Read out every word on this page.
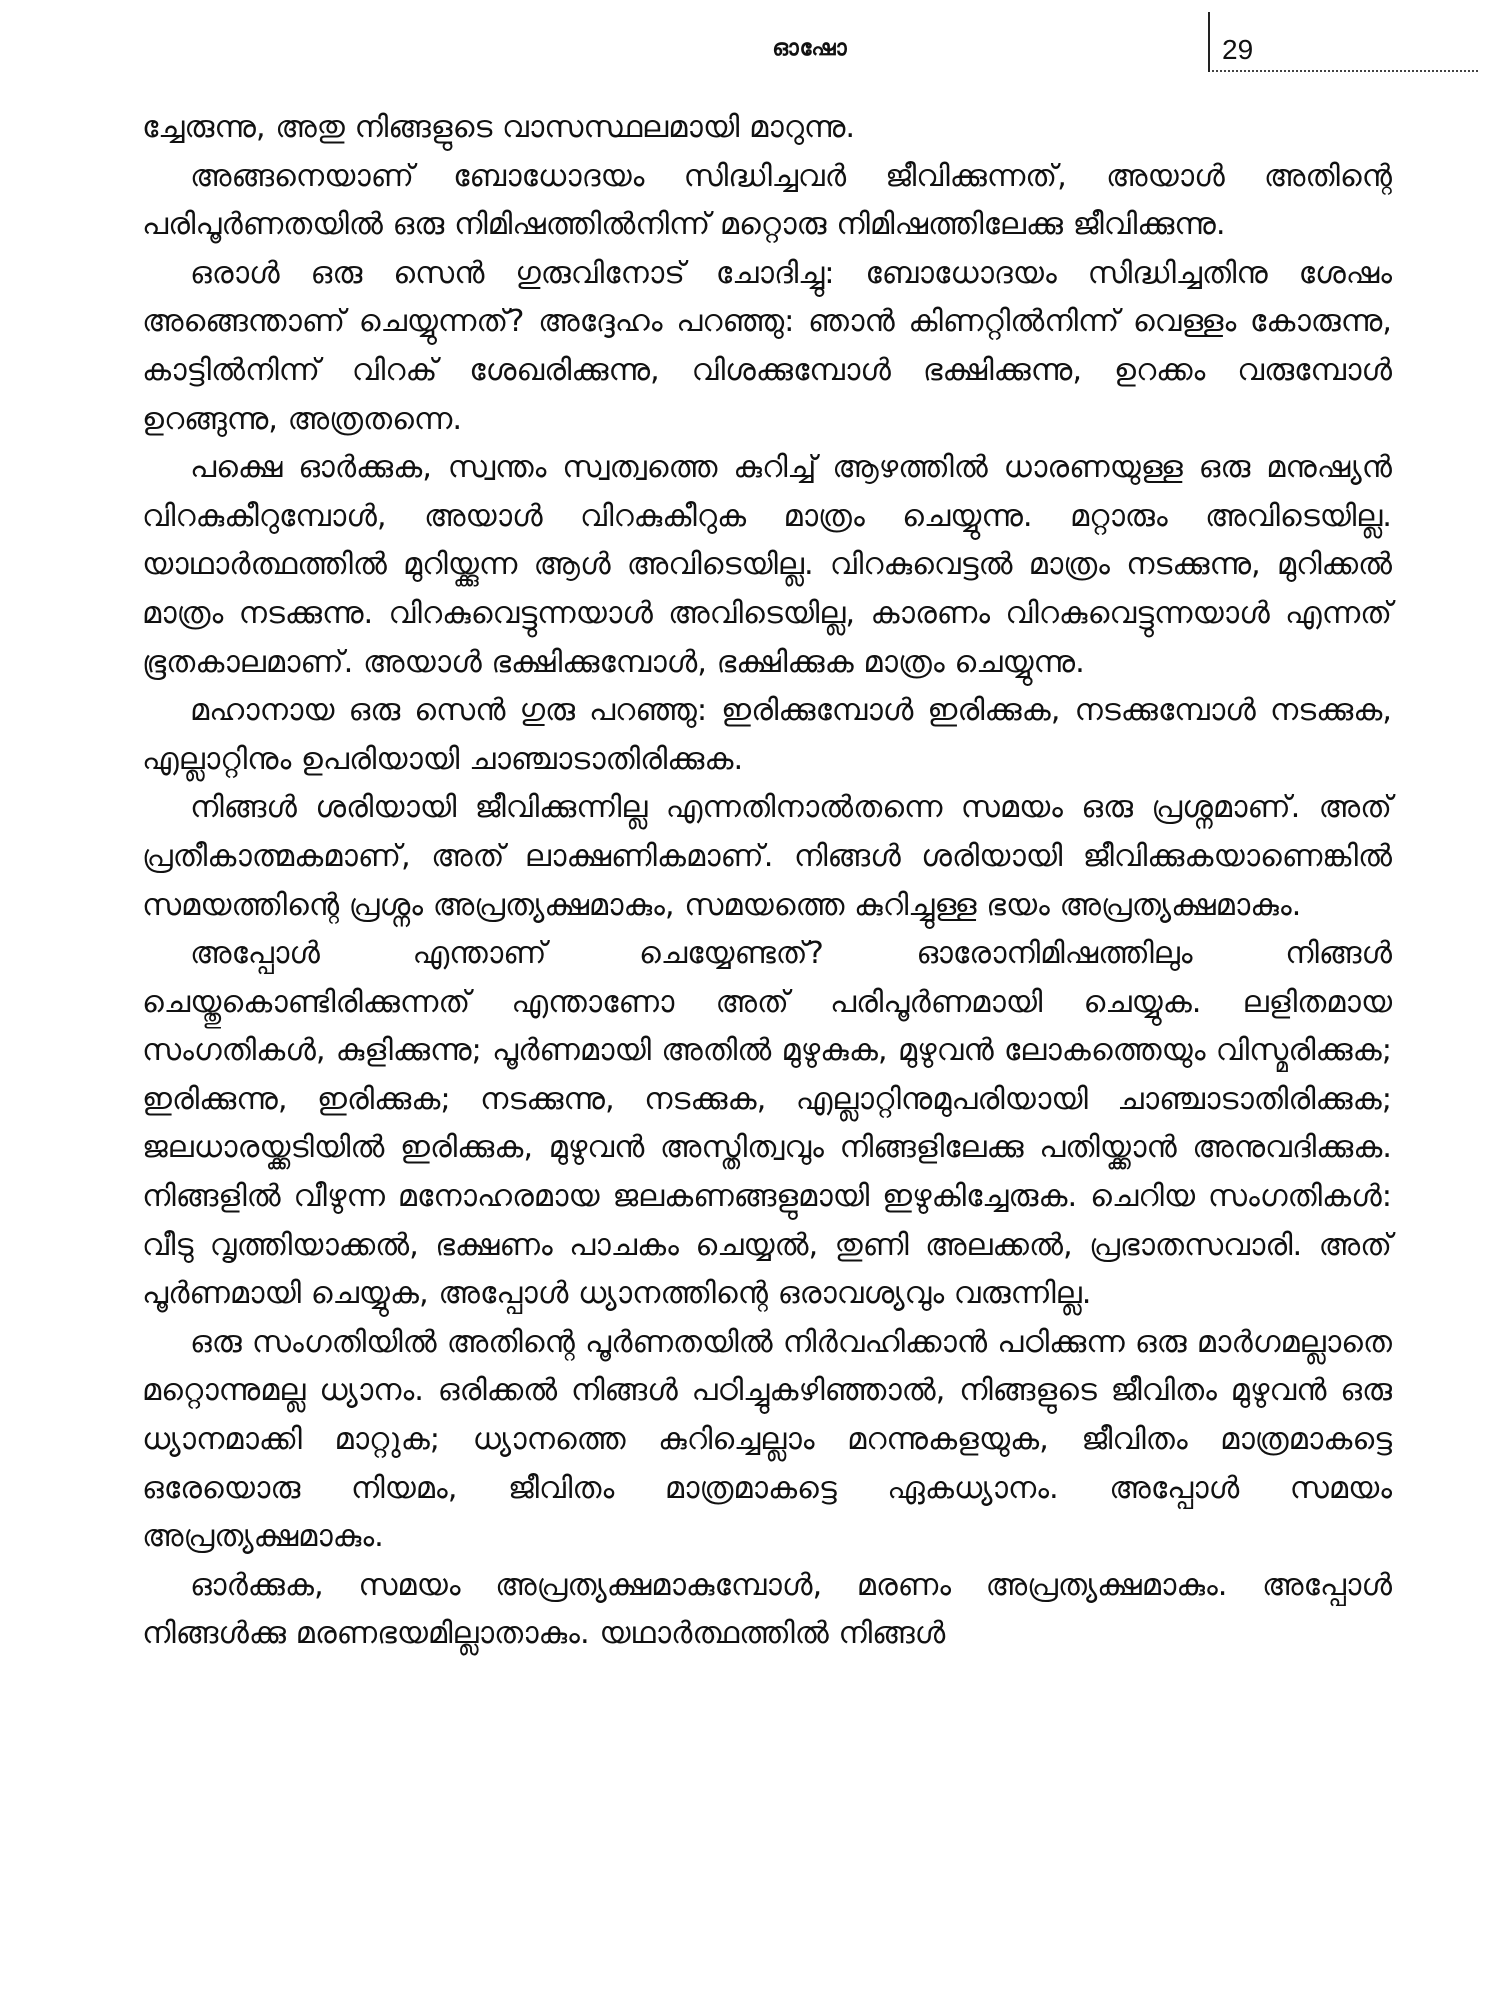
ഓഷോ	29

ച്ചേരുന്നു, അതു നിങ്ങളുടെ വാസസ്ഥലമായി മാറുന്നു.

അങ്ങനെയാണ് ബോധോദയം സിദ്ധിച്ചവർ ജീവിക്കുന്നത്, അയാൾ അതിന്റെ പരിപൂർണതയിൽ ഒരു നിമിഷത്തിൽനിന്ന് മറ്റൊരു നിമിഷത്തിലേക്കു ജീവിക്കുന്നു.

ഒരാൾ ഒരു സെൻ ഗുരുവിനോട് ചോദിച്ചു: ബോധോദയം സിദ്ധിച്ചതിനു ശേഷം അങ്ങെന്താണ് ചെയ്യുന്നത്? അദ്ദേഹം പറഞ്ഞു: ഞാൻ കിണറ്റിൽനിന്ന് വെള്ളം കോരുന്നു, കാട്ടിൽനിന്ന് വിറക് ശേഖരിക്കുന്നു, വിശക്കുമ്പോൾ ഭക്ഷിക്കുന്നു, ഉറക്കം വരുമ്പോൾ ഉറങ്ങുന്നു, അത്രതന്നെ.

പക്ഷെ ഓർക്കുക, സ്വന്തം സ്വത്വത്തെ കുറിച്ച് ആഴത്തിൽ ധാരണയുള്ള ഒരു മനുഷ്യൻ വിറകുകീറുമ്പോൾ, അയാൾ വിറകുകീറുക മാത്രം ചെയ്യുന്നു. മറ്റാരും അവിടെയില്ല. യാഥാർത്ഥത്തിൽ മുറിയ്ക്കുന്ന ആൾ അവിടെയില്ല. വിറകുവെട്ടൽ മാത്രം നടക്കുന്നു, മുറിക്കൽ മാത്രം നടക്കുന്നു. വിറകുവെട്ടുന്നയാൾ അവിടെയില്ല, കാരണം വിറകുവെട്ടുന്നയാൾ എന്നത് ഭൂതകാലമാണ്. അയാൾ ഭക്ഷിക്കുമ്പോൾ, ഭക്ഷിക്കുക മാത്രം ചെയ്യുന്നു.

മഹാനായ ഒരു സെൻ ഗുരു പറഞ്ഞു: ഇരിക്കുമ്പോൾ ഇരിക്കുക, നടക്കുമ്പോൾ നടക്കുക, എല്ലാറ്റിനും ഉപരിയായി ചാഞ്ചാടാതിരിക്കുക.

നിങ്ങൾ ശരിയായി ജീവിക്കുന്നില്ല എന്നതിനാൽതന്നെ സമയം ഒരു പ്രശ്നമാണ്. അത് പ്രതീകാത്മകമാണ്, അത് ലാക്ഷണികമാണ്. നിങ്ങൾ ശരിയായി ജീവിക്കുകയാണെങ്കിൽ സമയത്തിന്റെ പ്രശ്നം അപ്രത്യക്ഷമാകും, സമയത്തെ കുറിച്ചുള്ള ഭയം അപ്രത്യക്ഷമാകും.

അപ്പോൾ എന്താണ് ചെയ്യേണ്ടത്? ഓരോനിമിഷത്തിലും നിങ്ങൾ ചെയ്തുകൊണ്ടിരിക്കുന്നത് എന്താണോ അത് പരിപൂർണമായി ചെയ്യുക. ലളിതമായ സംഗതികൾ, കുളിക്കുന്നു; പൂർണമായി അതിൽ മുഴുകുക, മുഴുവൻ ലോകത്തെയും വിസ്മരിക്കുക; ഇരിക്കുന്നു, ഇരിക്കുക; നടക്കുന്നു, നടക്കുക, എല്ലാറ്റിനുമുപരിയായി ചാഞ്ചാടാതിരിക്കുക; ജലധാരയ്ക്കടിയിൽ ഇരിക്കുക, മുഴുവൻ അസ്തിത്വവും നിങ്ങളിലേക്കു പതിയ്ക്കാൻ അനുവദിക്കുക. നിങ്ങളിൽ വീഴുന്ന മനോഹരമായ ജലകണങ്ങളുമായി ഇഴുകിച്ചേരുക. ചെറിയ സംഗതികൾ: വീടു വൃത്തിയാക്കൽ, ഭക്ഷണം പാചകം ചെയ്യൽ, തുണി അലക്കൽ, പ്രഭാതസവാരി. അത് പൂർണമായി ചെയ്യുക, അപ്പോൾ ധ്യാനത്തിന്റെ ഒരാവശ്യവും വരുന്നില്ല.

ഒരു സംഗതിയിൽ അതിന്റെ പൂർണതയിൽ നിർവഹിക്കാൻ പഠിക്കുന്ന ഒരു മാർഗമല്ലാതെ മറ്റൊന്നുമല്ല ധ്യാനം. ഒരിക്കൽ നിങ്ങൾ പഠിച്ചുകഴിഞ്ഞാൽ, നിങ്ങളുടെ ജീവിതം മുഴുവൻ ഒരു ധ്യാനമാക്കി മാറ്റുക; ധ്യാനത്തെ കുറിച്ചെല്ലാം മറന്നുകളയുക, ജീവിതം മാത്രമാകട്ടെ ഒരേയൊരു നിയമം, ജീവിതം മാത്രമാകട്ടെ ഏകധ്യാനം. അപ്പോൾ സമയം അപ്രത്യക്ഷമാകും.

ഓർക്കുക, സമയം അപ്രത്യക്ഷമാകുമ്പോൾ, മരണം അപ്രത്യക്ഷമാകും. അപ്പോൾ നിങ്ങൾക്കു മരണഭയമില്ലാതാകും. യഥാർത്ഥത്തിൽ നിങ്ങൾ
